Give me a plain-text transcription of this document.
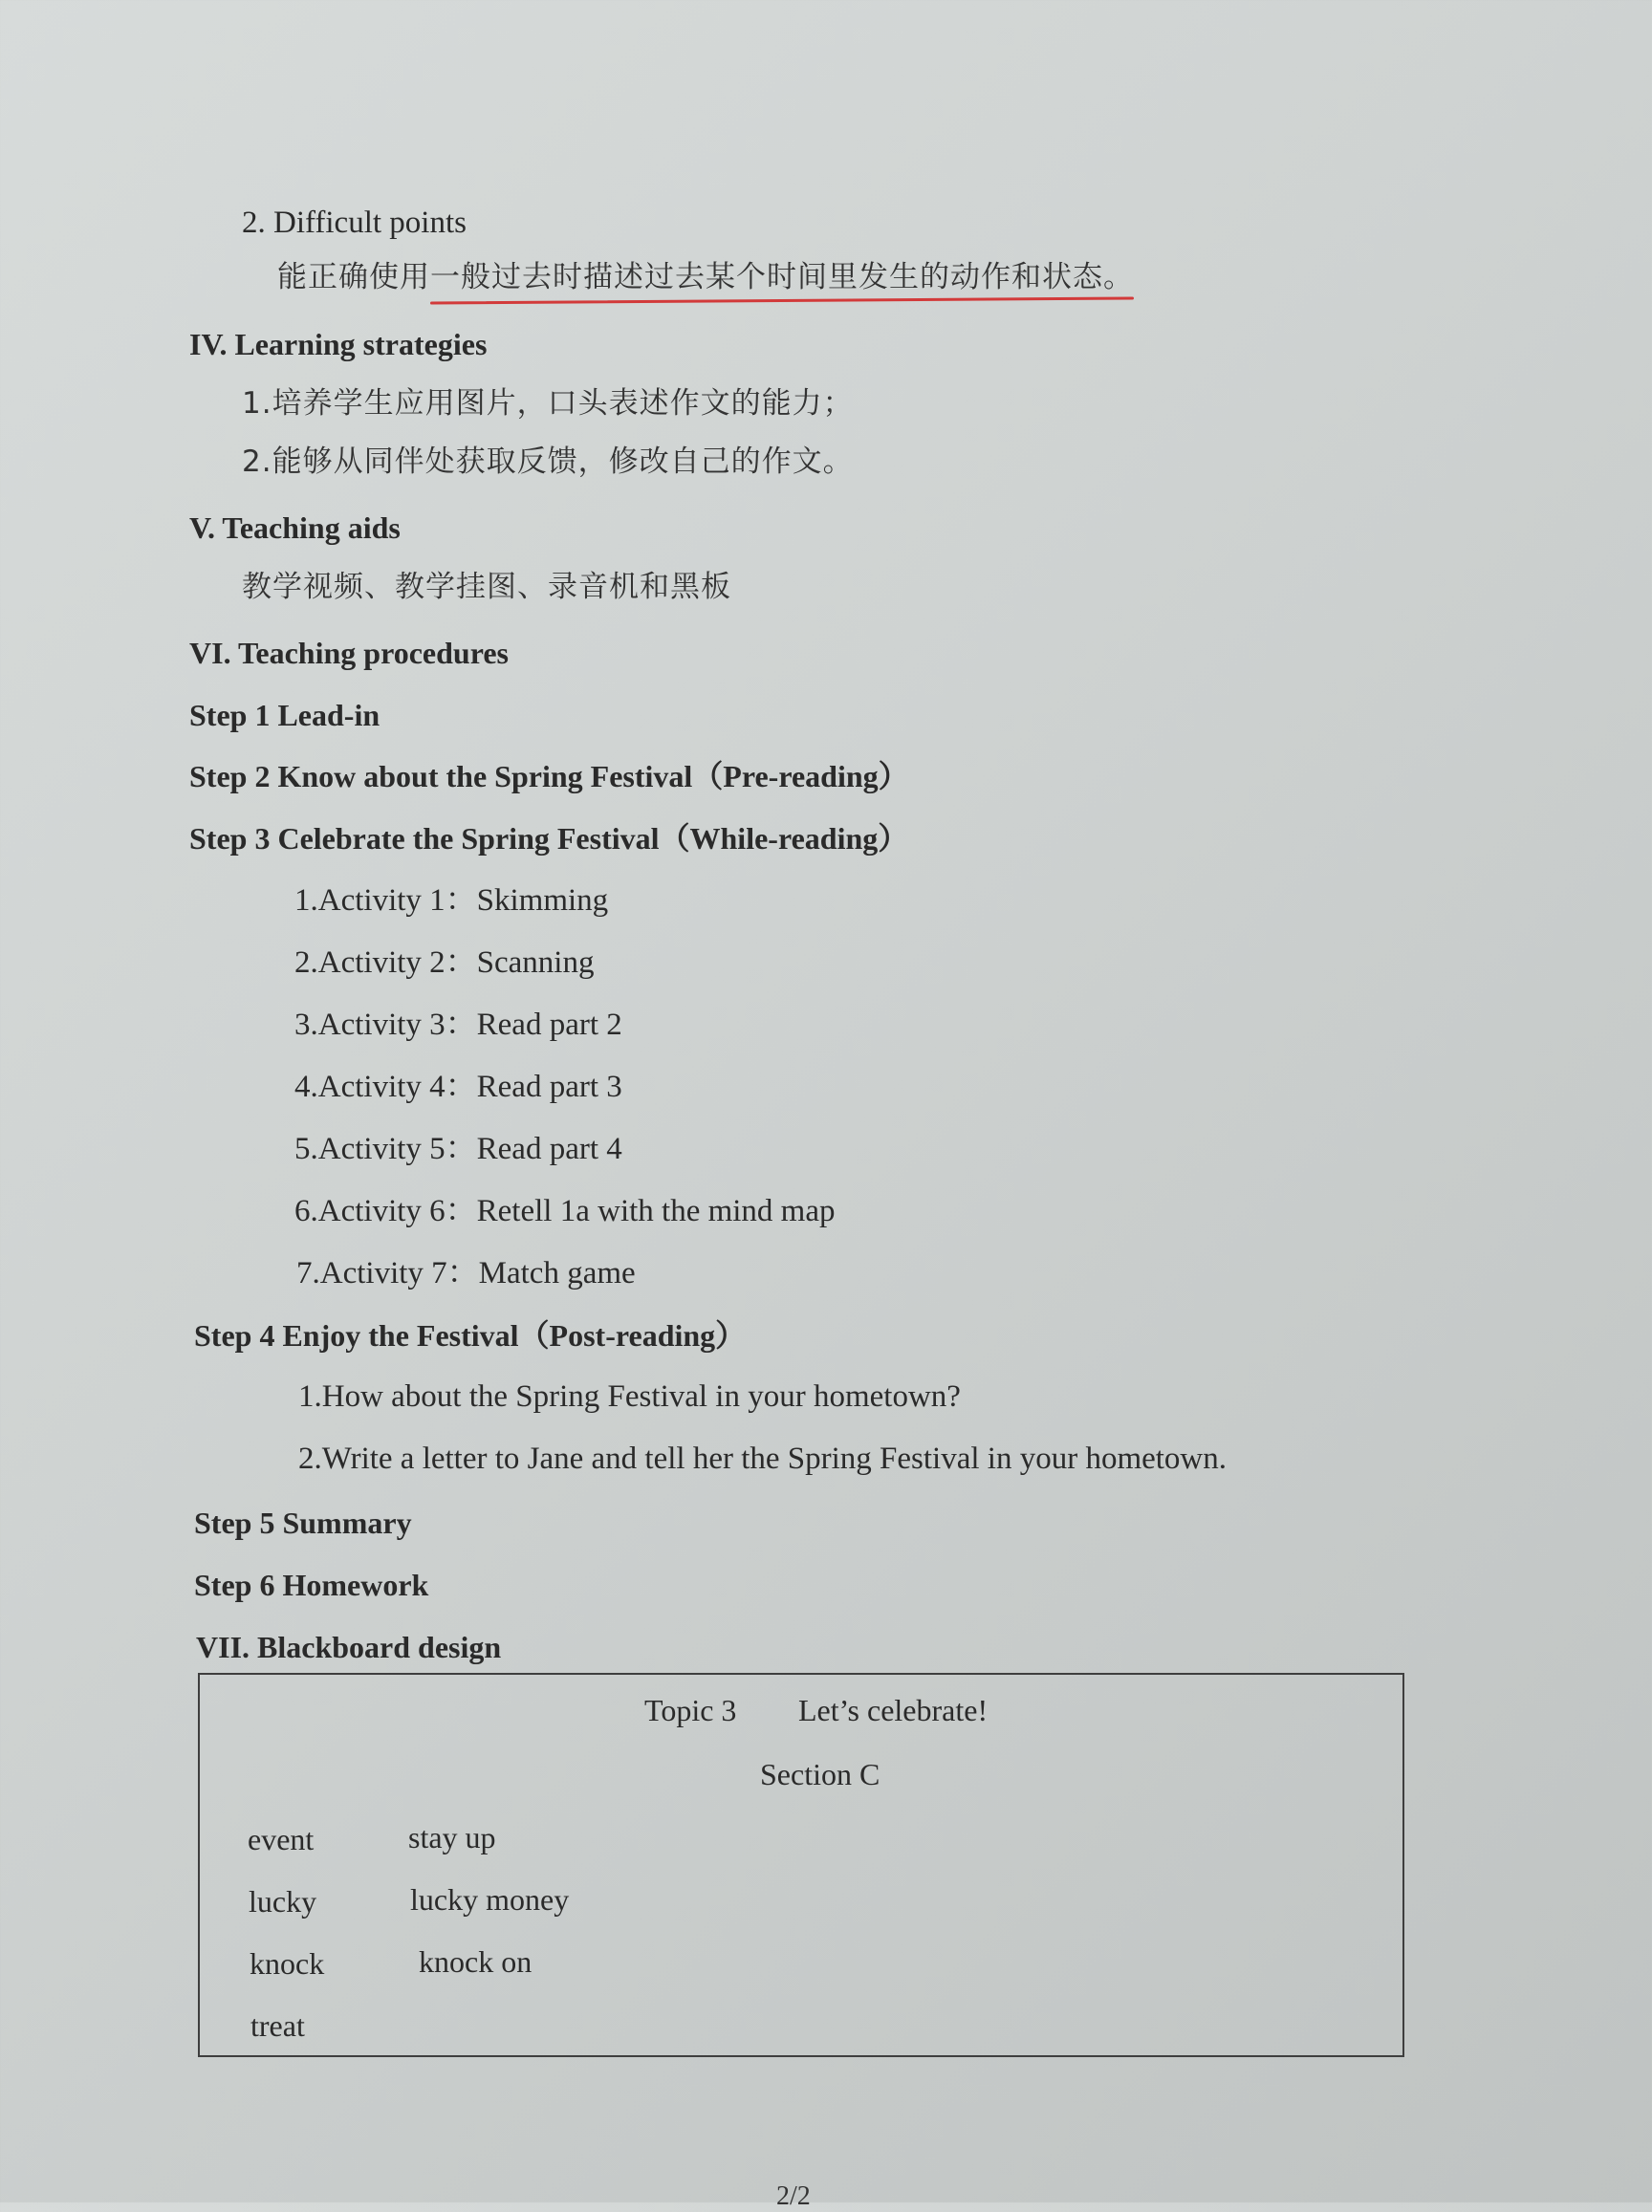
2. Difficult points
能正确使用一般过去时描述过去某个时间里发生的动作和状态。
IV. Learning strategies
1.培养学生应用图片，口头表述作文的能力；
2.能够从同伴处获取反馈，修改自己的作文。
V. Teaching aids
教学视频、教学挂图、录音机和黑板
VI. Teaching procedures
Step 1 Lead-in
Step 2 Know about the Spring Festival（Pre-reading）
Step 3 Celebrate the Spring Festival（While-reading）
1.Activity 1：Skimming
2.Activity 2：Scanning
3.Activity 3：Read part 2
4.Activity 4：Read part 3
5.Activity 5：Read part 4
6.Activity 6：Retell 1a with the mind map
7.Activity 7：Match game
Step 4 Enjoy the Festival（Post-reading）
1.How about the Spring Festival in your hometown?
2.Write a letter to Jane and tell her the Spring Festival in your hometown.
Step 5 Summary
Step 6 Homework
VII. Blackboard design
Topic 3 Let’s celebrate!
Section C
event	stay up
lucky	lucky money
knock	knock on
treat
2/2
